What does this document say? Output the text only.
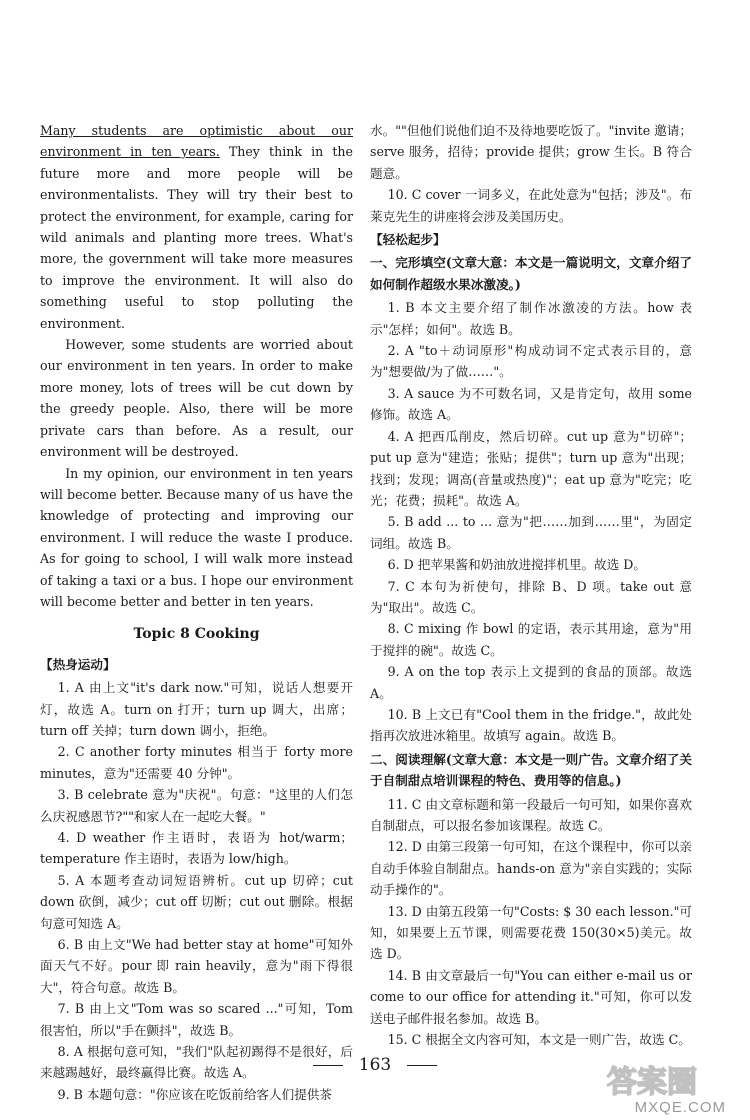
Many students are optimistic about our environment in ten years. They think in the future more and more people will be environmentalists. They will try their best to protect the environment, for example, caring for wild animals and planting more trees. What's more, the government will take more measures to improve the environment. It will also do something useful to stop polluting the environment.

However, some students are worried about our environment in ten years. In order to make more money, lots of trees will be cut down by the greedy people. Also, there will be more private cars than before. As a result, our environment will be destroyed.

In my opinion, our environment in ten years will become better. Because many of us have the knowledge of protecting and improving our environment. I will reduce the waste I produce. As for going to school, I will walk more instead of taking a taxi or a bus. I hope our environment will become better and better in ten years.

Topic 8 Cooking
【热身运动】

1. A 由上文"it's dark now."可知，说话人想要开灯，故选 A。turn on 打开；turn up 调大，出席；turn off 关掉；turn down 调小，拒绝。

2. C another forty minutes 相当于 forty more minutes，意为"还需要 40 分钟"。

3. B celebrate 意为"庆祝"。句意："这里的人们怎么庆祝感恩节?""和家人在一起吃大餐。"

4. D weather 作主语时，表语为 hot/warm；temperature 作主语时，表语为 low/high。

5. A 本题考查动词短语辨析。cut up 切碎；cut down 砍倒，减少；cut off 切断；cut out 删除。根据句意可知选 A。

6. B 由上文"We had better stay at home"可知外面天气不好。pour 即 rain heavily，意为"雨下得很大"，符合句意。故选 B。

7. B 由上文"Tom was so scared ..."可知，Tom 很害怕，所以"手在颤抖"，故选 B。

8. A 根据句意可知，"我们"队起初踢得不是很好，后来越踢越好，最终赢得比赛。故选 A。

9. B 本题句意："你应该在吃饭前给客人们提供茶

水。""但他们说他们迫不及待地要吃饭了。"invite 邀请；serve 服务，招待；provide 提供；grow 生长。B 符合题意。

10. C cover 一词多义，在此处意为"包括；涉及"。布莱克先生的讲座将会涉及美国历史。

【轻松起步】

一、完形填空(文章大意：本文是一篇说明文，文章介绍了如何制作超级水果冰激凌。)

1. B 本文主要介绍了制作冰激凌的方法。how 表示"怎样；如何"。故选 B。

2. A "to＋动词原形"构成动词不定式表示目的，意为"想要做/为了做……"。

3. A sauce 为不可数名词，又是肯定句，故用 some 修饰。故选 A。

4. A 把西瓜削皮，然后切碎。cut up 意为"切碎"；put up 意为"建造；张贴；提供"；turn up 意为"出现；找到；发现；调高(音量或热度)"；eat up 意为"吃完；吃光；花费；损耗"。故选 A。

5. B add ... to ... 意为"把……加到……里"，为固定词组。故选 B。

6. D 把苹果酱和奶油放进搅拌机里。故选 D。

7. C 本句为祈使句，排除 B、D 项。take out 意为"取出"。故选 C。

8. C mixing 作 bowl 的定语，表示其用途，意为"用于搅拌的碗"。故选 C。

9. A on the top 表示上文提到的食品的顶部。故选 A。

10. B 上文已有"Cool them in the fridge."，故此处指再次放进冰箱里。故填写 again。故选 B。

二、阅读理解(文章大意：本文是一则广告。文章介绍了关于自制甜点培训课程的特色、费用等的信息。)

11. C 由文章标题和第一段最后一句可知，如果你喜欢自制甜点，可以报名参加该课程。故选 C。

12. D 由第三段第一句可知，在这个课程中，你可以亲自动手体验自制甜点。hands-on 意为"亲自实践的；实际动手操作的"。

13. D 由第五段第一句"Costs: $ 30 each lesson."可知，如果要上五节课，则需要花费 150(30×5)美元。故选 D。

14. B 由文章最后一句"You can either e-mail us or come to our office for attending it."可知，你可以发送电子邮件报名参加。故选 B。

15. C 根据全文内容可知，本文是一则广告，故选 C。

163	答案圈
MXQE.COM
